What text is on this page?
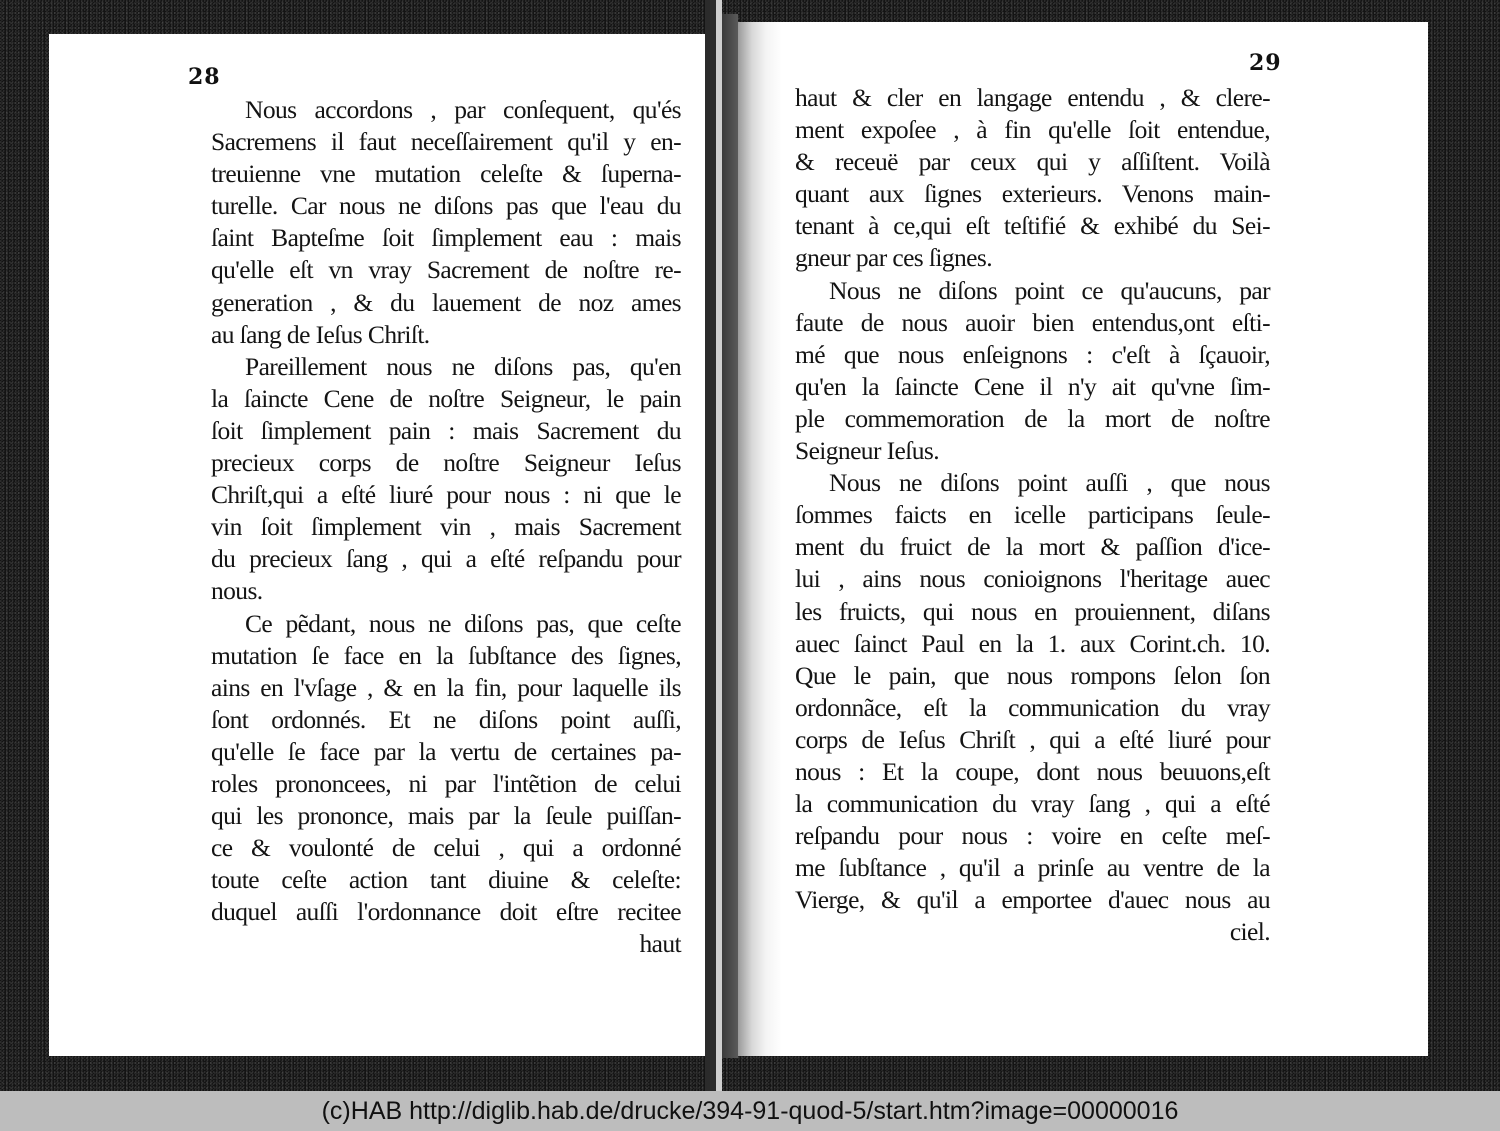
28
29
Nous accordons , par conſequent, qu'és
Sacremens il faut neceſſairement qu'il y en-
treuienne vne mutation celeſte & ſuperna-
turelle. Car nous ne diſons pas que l'eau du
ſaint Bapteſme ſoit ſimplement eau : mais
qu'elle eſt vn vray Sacrement de noſtre re-
generation , & du lauement de noz ames
au ſang de Ieſus Chriſt.
Pareillement nous ne diſons pas, qu'en
la ſaincte Cene de noſtre Seigneur, le pain
ſoit ſimplement pain : mais Sacrement du
precieux corps de noſtre Seigneur Ieſus
Chriſt,qui a eſté liuré pour nous : ni que le
vin ſoit ſimplement vin , mais Sacrement
du precieux ſang , qui a eſté reſpandu pour
nous.
Ce pẽdant, nous ne diſons pas, que ceſte
mutation ſe face en la ſubſtance des ſignes,
ains en l'vſage , & en la fin, pour laquelle ils
ſont ordonnés. Et ne diſons point auſſi,
qu'elle ſe face par la vertu de certaines pa-
roles prononcees, ni par l'intẽtion de celui
qui les prononce, mais par la ſeule puiſſan-
ce & voulonté de celui , qui a ordonné
toute ceſte action tant diuine & celeſte:
duquel auſſi l'ordonnance doit eſtre recitee
haut
haut & cler en langage entendu , & clere-
ment expoſee , à fin qu'elle ſoit entendue,
& receuë par ceux qui y aſſiſtent. Voilà
quant aux ſignes exterieurs. Venons main-
tenant à ce,qui eſt teſtifié & exhibé du Sei-
gneur par ces ſignes.
Nous ne diſons point ce qu'aucuns, par
faute de nous auoir bien entendus,ont eſti-
mé que nous enſeignons : c'eſt à ſçauoir,
qu'en la ſaincte Cene il n'y ait qu'vne ſim-
ple commemoration de la mort de noſtre
Seigneur Ieſus.
Nous ne diſons point auſſi , que nous
ſommes faicts en icelle participans ſeule-
ment du fruict de la mort & paſſion d'ice-
lui , ains nous conioignons l'heritage auec
les fruicts, qui nous en prouiennent, diſans
auec ſainct Paul en la 1. aux Corint.ch. 10.
Que le pain, que nous rompons ſelon ſon
ordonnãce, eſt la communication du vray
corps de Ieſus Chriſt , qui a eſté liuré pour
nous : Et la coupe, dont nous beuuons,eſt
la communication du vray ſang , qui a eſté
reſpandu pour nous : voire en ceſte meſ-
me ſubſtance , qu'il a prinſe au ventre de la
Vierge, & qu'il a emportee d'auec nous au
ciel.
(c)HAB http://diglib.hab.de/drucke/394-91-quod-5/start.htm?image=00000016
